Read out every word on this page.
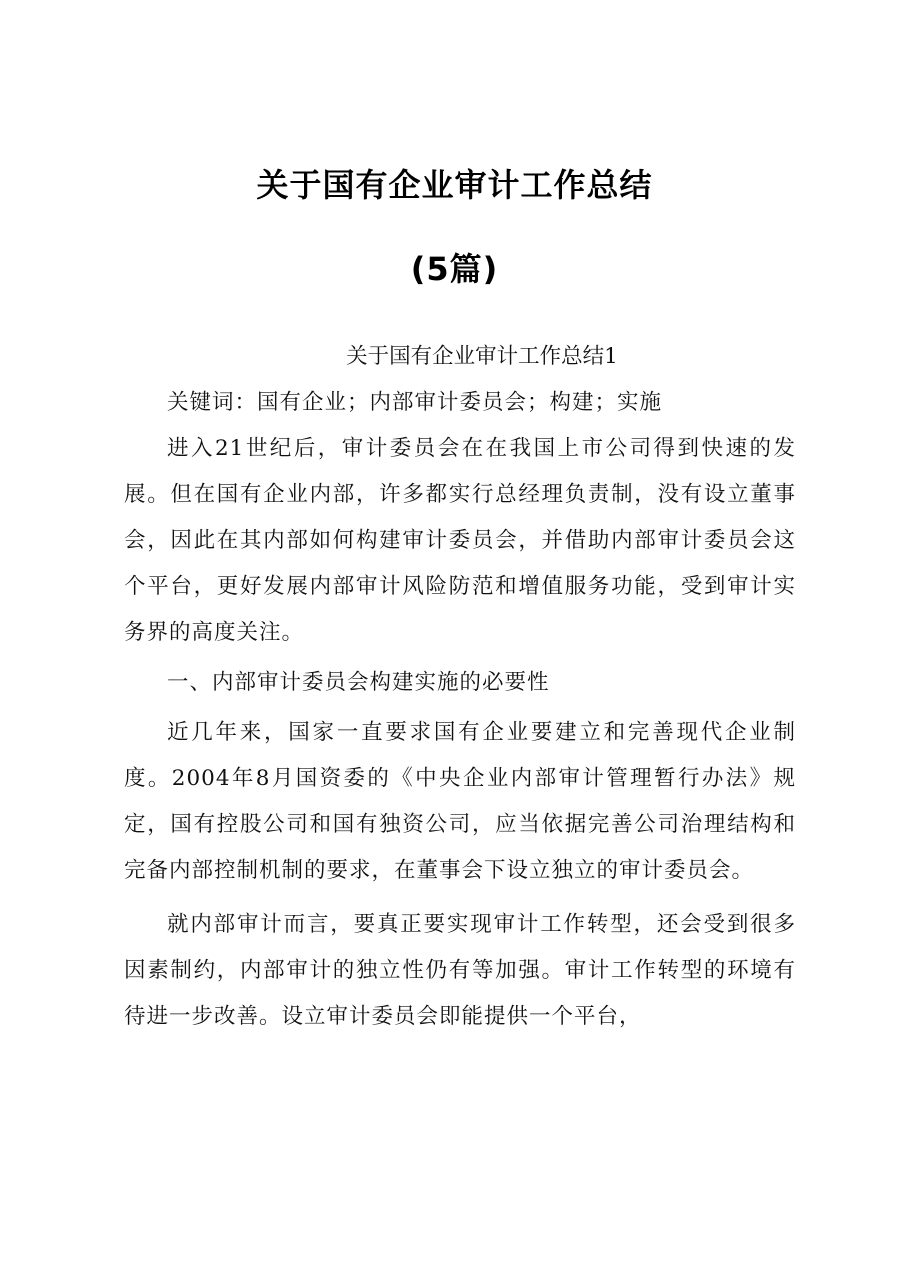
关于国有企业审计工作总结
(5篇)

关于国有企业审计工作总结1

关键词：国有企业；内部审计委员会；构建；实施

进入21世纪后，审计委员会在在我国上市公司得到快速的发展。但在国有企业内部，许多都实行总经理负责制，没有设立董事会，因此在其内部如何构建审计委员会，并借助内部审计委员会这个平台，更好发展内部审计风险防范和增值服务功能，受到审计实务界的高度关注。

一、内部审计委员会构建实施的必要性

近几年来，国家一直要求国有企业要建立和完善现代企业制度。2004年8月国资委的《中央企业内部审计管理暂行办法》规定，国有控股公司和国有独资公司，应当依据完善公司治理结构和完备内部控制机制的要求，在董事会下设立独立的审计委员会。

就内部审计而言，要真正要实现审计工作转型，还会受到很多因素制约，内部审计的独立性仍有等加强。审计工作转型的环境有待进一步改善。设立审计委员会即能提供一个平台，
